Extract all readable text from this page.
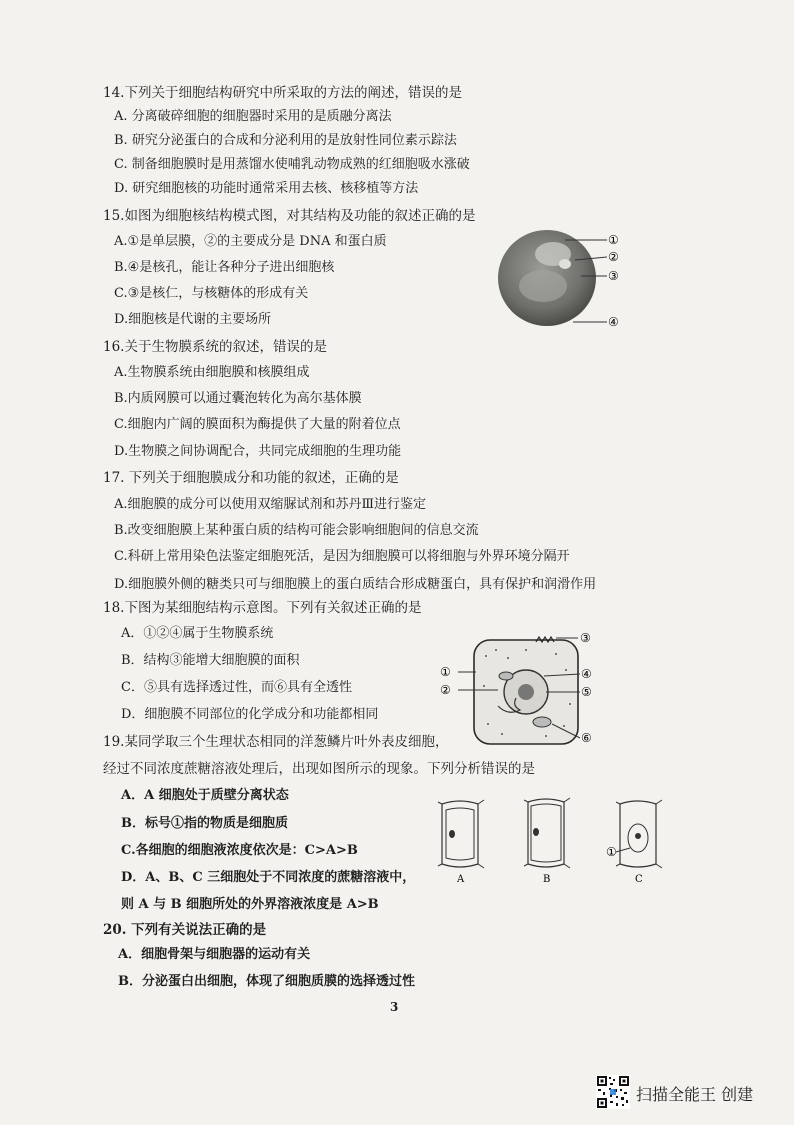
14.下列关于细胞结构研究中所采取的方法的阐述，错误的是
A. 分离破碎细胞的细胞器时采用的是质融分离法
B. 研究分泌蛋白的合成和分泌利用的是放射性同位素示踪法
C. 制备细胞膜时是用蒸馏水使哺乳动物成熟的红细胞吸水涨破
D. 研究细胞核的功能时通常采用去核、核移植等方法
15.如图为细胞核结构模式图，对其结构及功能的叙述正确的是
A.①是单层膜，②的主要成分是 DNA 和蛋白质
B.④是核孔，能让各种分子进出细胞核
C.③是核仁，与核糖体的形成有关
D.细胞核是代谢的主要场所
①
②
③
④
16.关于生物膜系统的叙述，错误的是
A.生物膜系统由细胞膜和核膜组成
B.内质网膜可以通过囊泡转化为高尔基体膜
C.细胞内广阔的膜面积为酶提供了大量的附着位点
D.生物膜之间协调配合，共同完成细胞的生理功能
17. 下列关于细胞膜成分和功能的叙述，正确的是
A.细胞膜的成分可以使用双缩脲试剂和苏丹Ⅲ进行鉴定
B.改变细胞膜上某种蛋白质的结构可能会影响细胞间的信息交流
C.科研上常用染色法鉴定细胞死活，是因为细胞膜可以将细胞与外界环境分隔开
D.细胞膜外侧的糖类只可与细胞膜上的蛋白质结合形成糖蛋白，具有保护和润滑作用
18.下图为某细胞结构示意图。下列有关叙述正确的是
A．①②④属于生物膜系统
B．结构③能增大细胞膜的面积
C．⑤具有选择透过性，而⑥具有全透性
D．细胞膜不同部位的化学成分和功能都相同
①
②
③
④
⑤
⑥
19.某同学取三个生理状态相同的洋葱鳞片叶外表皮细胞，
经过不同浓度蔗糖溶液处理后，出现如图所示的现象。下列分析错误的是
A．A 细胞处于质壁分离状态
B．标号①指的物质是细胞质
C.各细胞的细胞液浓度依次是：C>A>B
D．A、B、C 三细胞处于不同浓度的蔗糖溶液中，
则 A 与 B 细胞所处的外界溶液浓度是 A>B
①
A	B	C
20. 下列有关说法正确的是
A．细胞骨架与细胞器的运动有关
B．分泌蛋白出细胞，体现了细胞质膜的选择透过性
3
扫描全能王 创建
